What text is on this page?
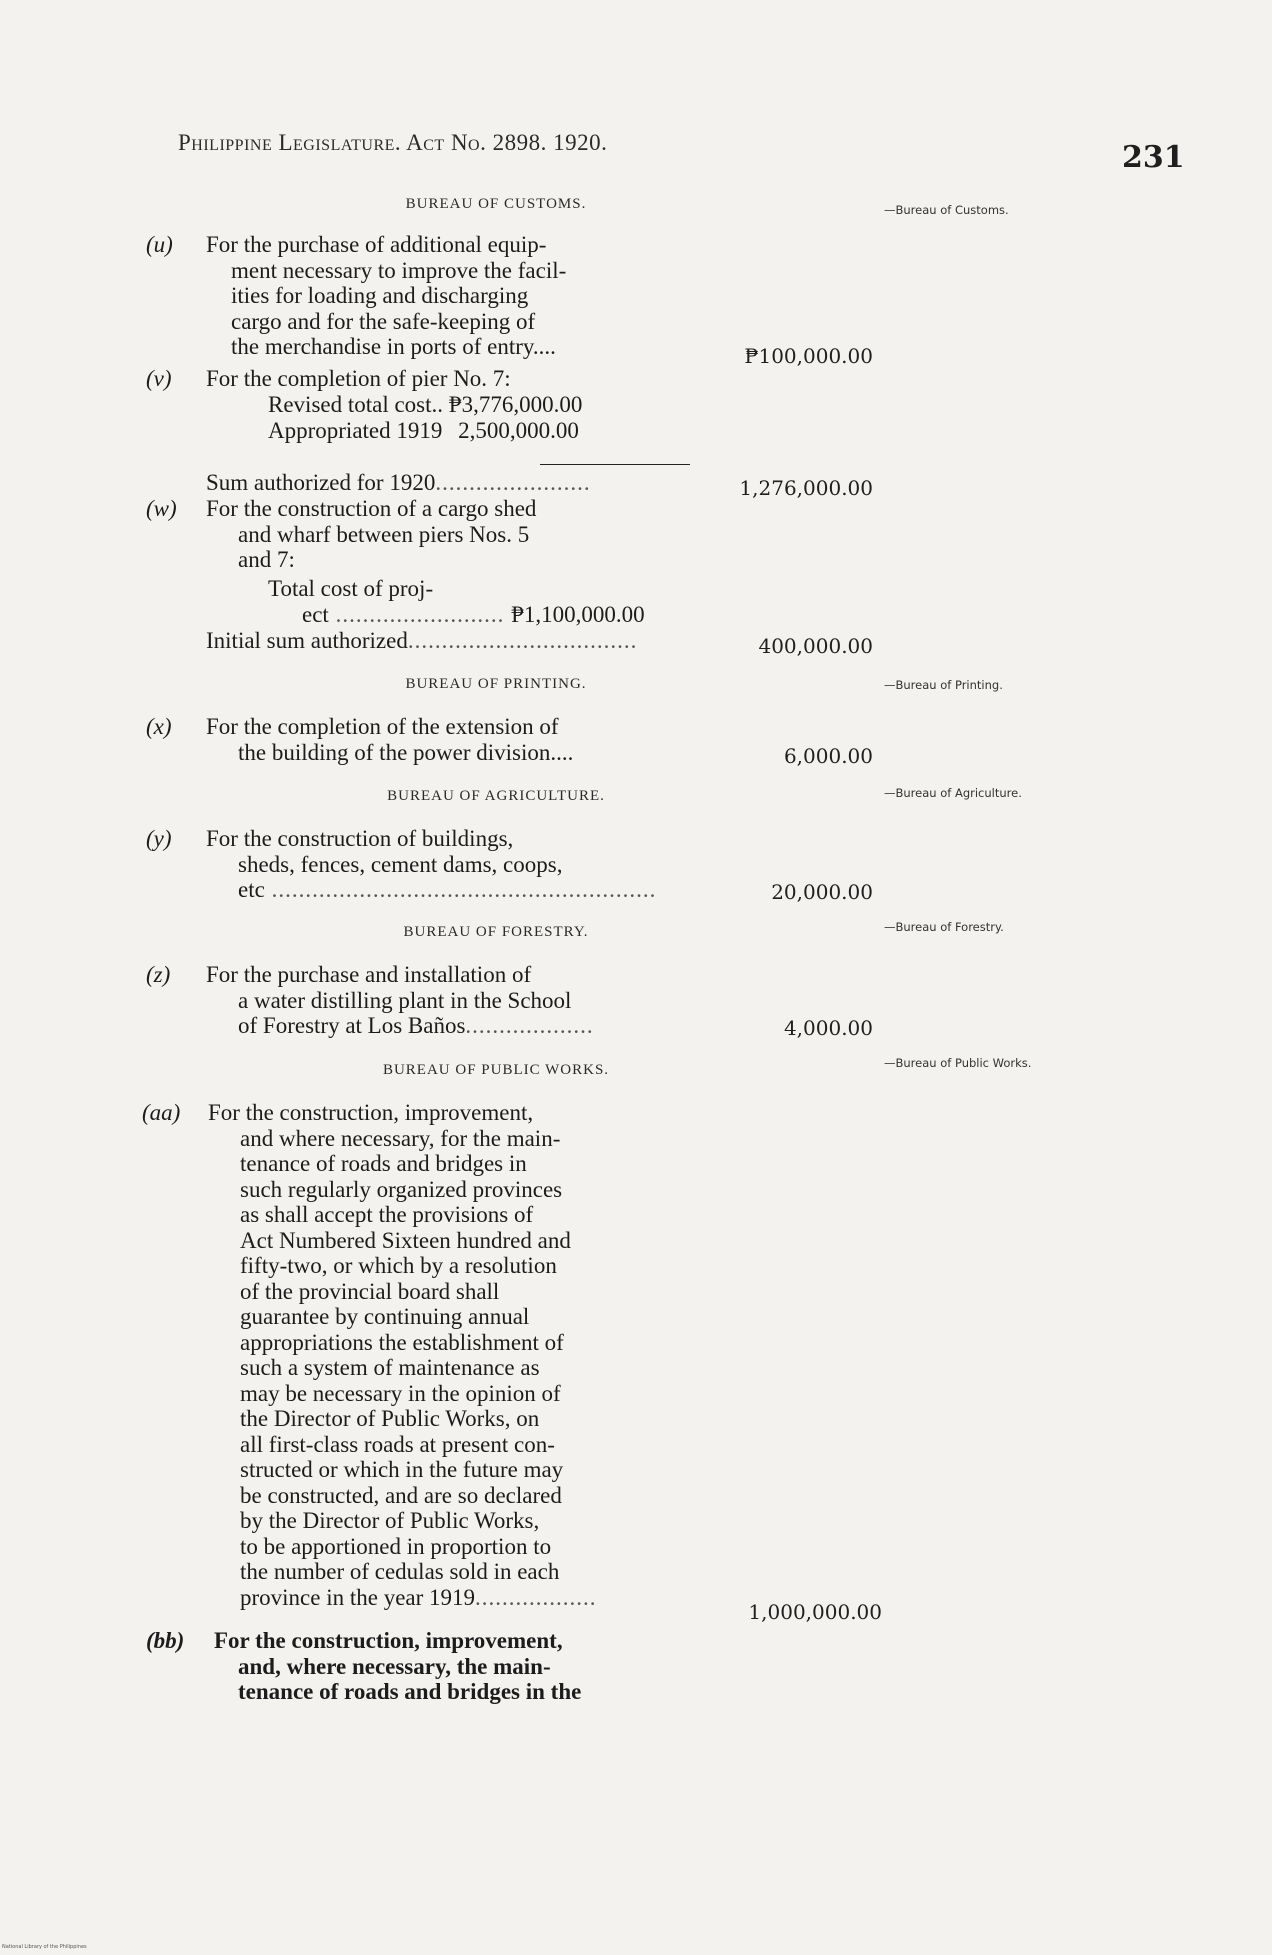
Philippine Legislature. Act No. 2898. 1920.	231
BUREAU OF CUSTOMS.	—Bureau of Customs.
(u) For the purchase of additional equip-
ment necessary to improve the facil-
ities for loading and discharging
cargo and for the safe-keeping of
the merchandise in ports of entry....	₱100,000.00
(v) For the completion of pier No. 7:
Revised total cost.. ₱3,776,000.00
Appropriated 1919 2,500,000.00
Sum authorized for 1920.......................	1,276,000.00
(w) For the construction of a cargo shed
and wharf between piers Nos. 5
and 7:
Total cost of proj-
ect ......................... ₱1,100,000.00
Initial sum authorized..................................	400,000.00
BUREAU OF PRINTING.	—Bureau of Printing.
(x) For the completion of the extension of
the building of the power division....	6,000.00
BUREAU OF AGRICULTURE.	—Bureau of Agriculture.
(y) For the construction of buildings,
sheds, fences, cement dams, coops,
etc .........................................................	20,000.00
BUREAU OF FORESTRY.	—Bureau of Forestry.
(z) For the purchase and installation of
a water distilling plant in the School
of Forestry at Los Baños...................	4,000.00
BUREAU OF PUBLIC WORKS.	—Bureau of Public Works.
(aa) For the construction, improvement,
and where necessary, for the main-
tenance of roads and bridges in
such regularly organized provinces
as shall accept the provisions of
Act Numbered Sixteen hundred and
fifty-two, or which by a resolution
of the provincial board shall
guarantee by continuing annual
appropriations the establishment of
such a system of maintenance as
may be necessary in the opinion of
the Director of Public Works, on
all first-class roads at present con-
structed or which in the future may
be constructed, and are so declared
by the Director of Public Works,
to be apportioned in proportion to
the number of cedulas sold in each
province in the year 1919..................
1,000,000.00
(bb) For the construction, improvement,
and, where necessary, the main-
tenance of roads and bridges in the
National Library of the Philippines
